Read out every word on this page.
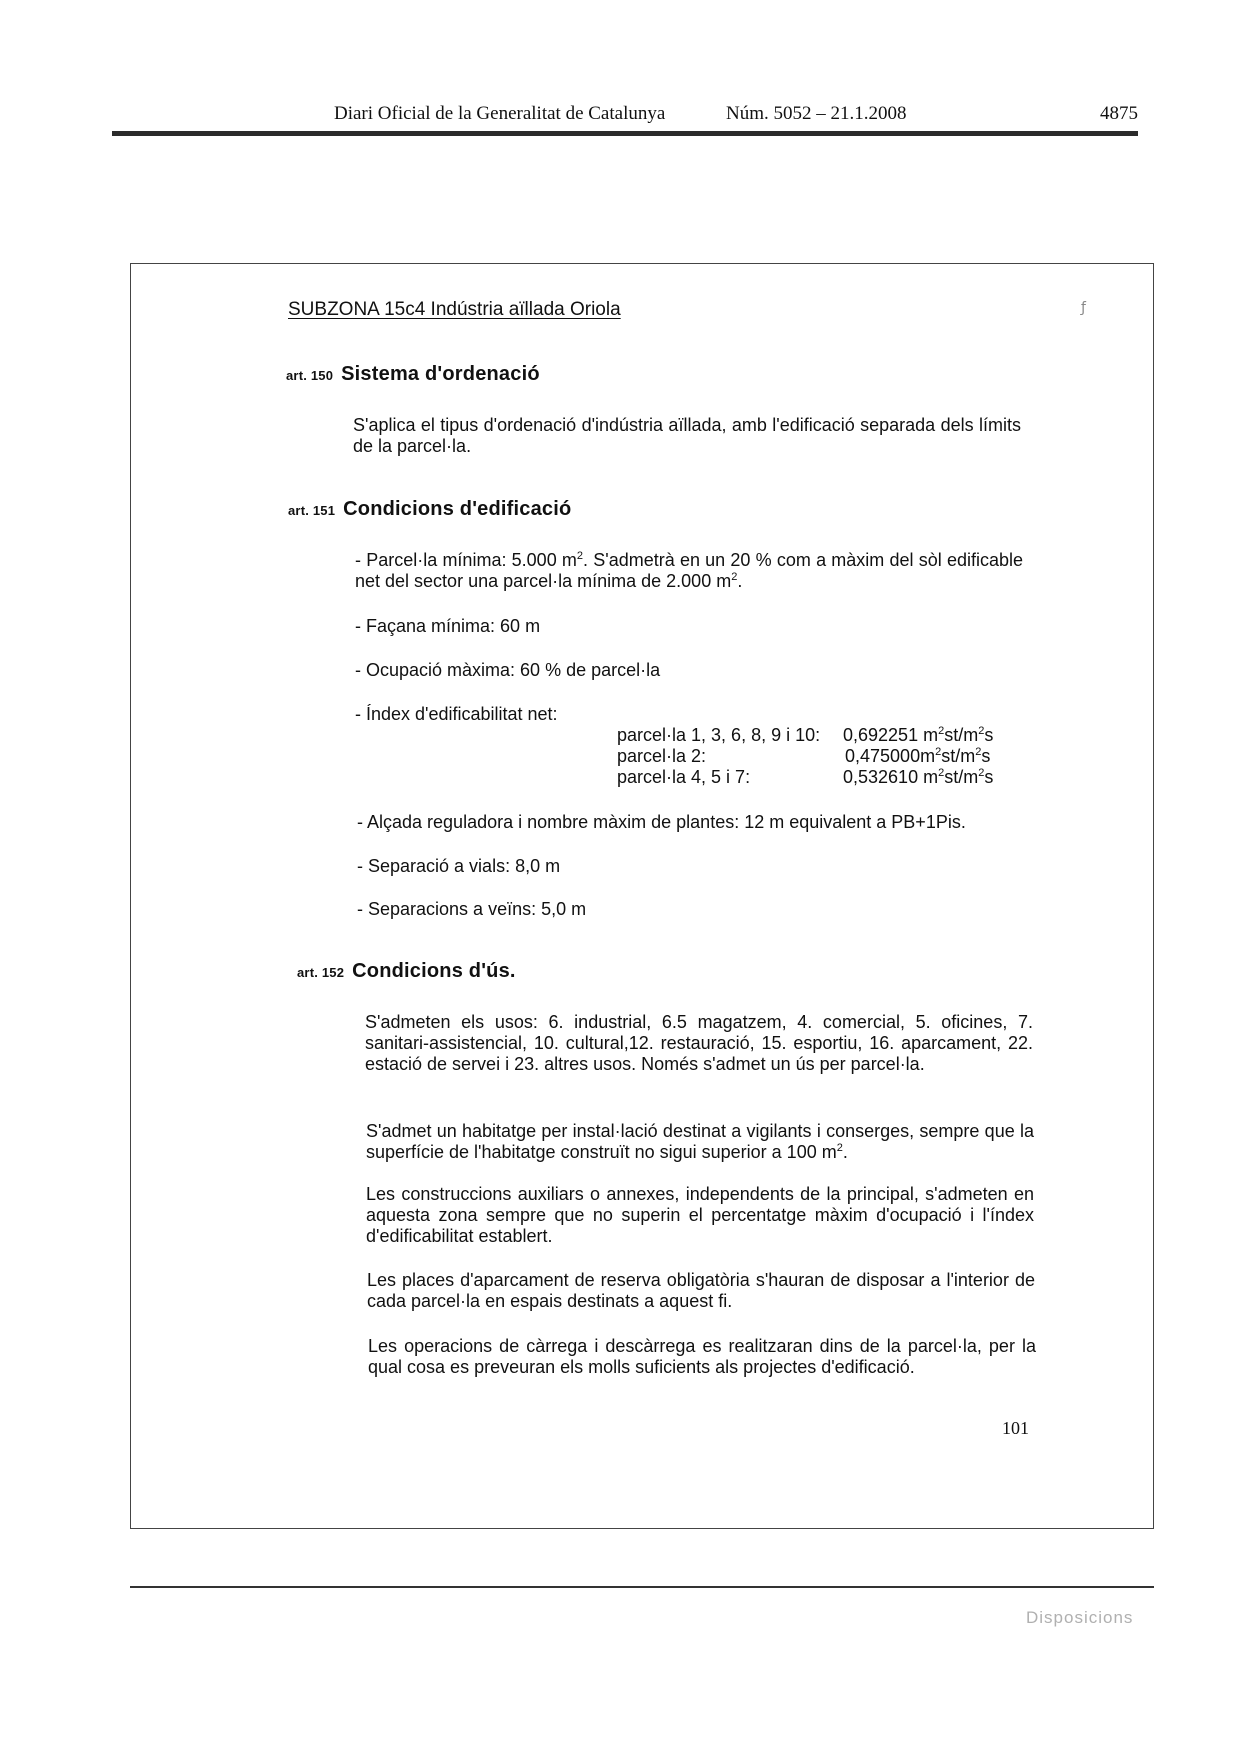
Diari Oficial de la Generalitat de Catalunya	Núm. 5052 – 21.1.2008	4875
SUBZONA 15c4 Indústria aïllada Oriola	ƒ
art. 150 Sistema d'ordenació
S'aplica el tipus d'ordenació d'indústria aïllada, amb l'edificació separada dels límits de la parcel·la.
art. 151 Condicions d'edificació
- Parcel·la mínima: 5.000 $m^2$. S'admetrà en un 20 % com a màxim del sòl edificable net del sector una parcel·la mínima de 2.000 $m^2$.
- Façana mínima: 60 m
- Ocupació màxima: 60 % de parcel·la
- Índex d'edificabilitat net:
parcel·la 1, 3, 6, 8, 9 i 10: 0,692251 $m^2st/m^2s$
parcel·la 2:	$0,475000m^2st/m^2s$
parcel·la 4, 5 i 7:	0,532610 $m^2st/m^2s$
- Alçada reguladora i nombre màxim de plantes: 12 m equivalent a PB+1Pis.
- Separació a vials: 8,0 m
- Separacions a veïns: 5,0 m
art. 152 Condicions d'ús.
S'admeten els usos: 6. industrial, 6.5 magatzem, 4. comercial, 5. oficines, 7. sanitari-assistencial, 10. cultural,12. restauració, 15. esportiu, 16. aparcament, 22. estació de servei i 23. altres usos. Només s'admet un ús per parcel·la.
S'admet un habitatge per instal·lació destinat a vigilants i conserges, sempre que la superfície de l'habitatge construït no sigui superior a 100 $m^2$.
Les construccions auxiliars o annexes, independents de la principal, s'admeten en aquesta zona sempre que no superin el percentatge màxim d'ocupació i l'índex d'edificabilitat establert.
Les places d'aparcament de reserva obligatòria s'hauran de disposar a l'interior de cada parcel·la en espais destinats a aquest fi.
Les operacions de càrrega i descàrrega es realitzaran dins de la parcel·la, per la qual cosa es preveuran els molls suficients als projectes d'edificació.
101
Disposicions
